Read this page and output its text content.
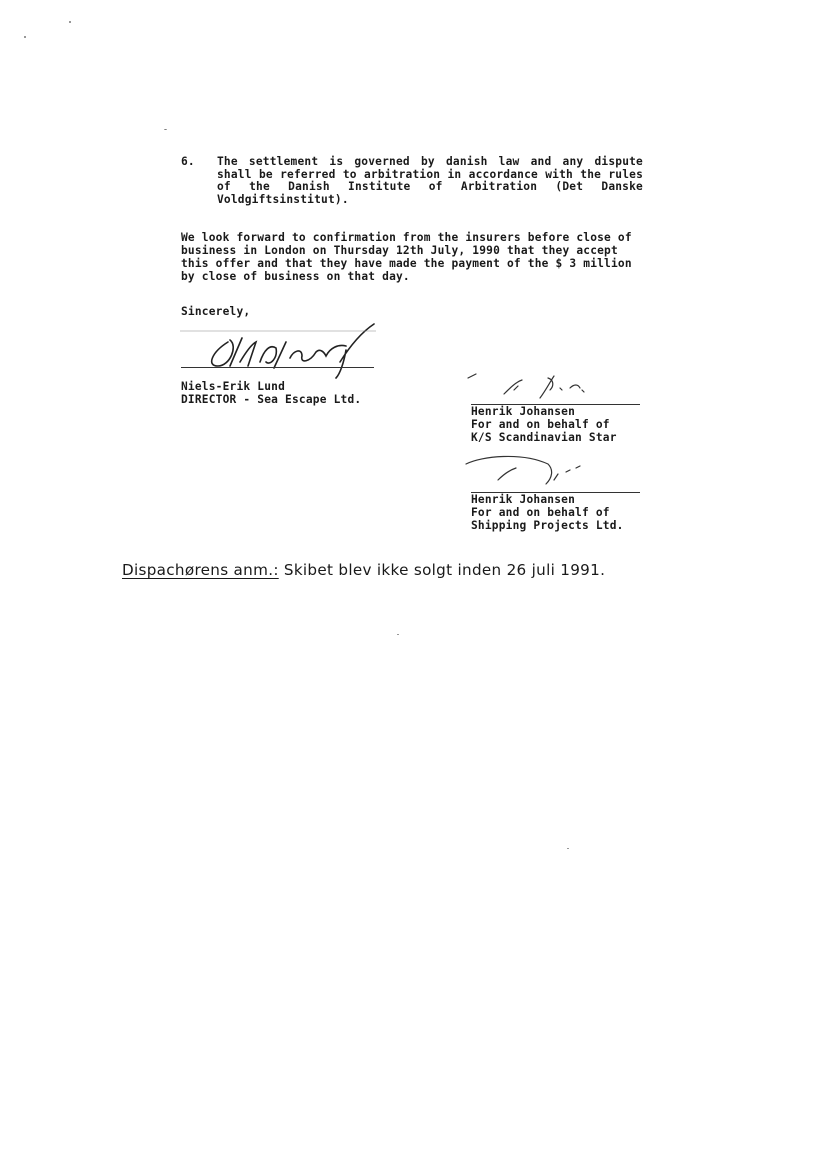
6. The settlement is governed by danish law and any dispute shall be referred to arbitration in accordance with the rules of the Danish Institute of Arbitration (Det Danske Voldgiftsinstitut).
We look forward to confirmation from the insurers before close of
business in London on Thursday 12th July, 1990 that they accept
this offer and that they have made the payment of the $ 3 million
by close of business on that day.
Sincerely,
Niels-Erik Lund
DIRECTOR - Sea Escape Ltd.
Henrik Johansen
For and on behalf of
K/S Scandinavian Star
Henrik Johansen
For and on behalf of
Shipping Projects Ltd.
Dispachørens anm.: Skibet blev ikke solgt inden 26 juli 1991.
